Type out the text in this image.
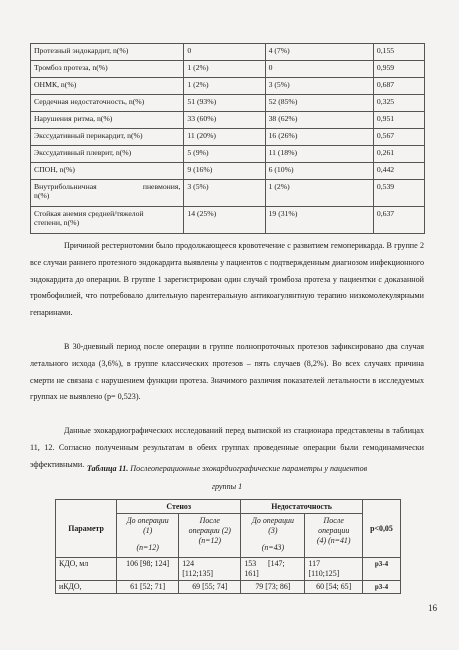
Протезный эндокардит, n(%)	0	4 (7%)	0,155
Тромбоз протеза, n(%)	1 (2%)	0	0,959
ОНМК, n(%)	1 (2%)	3 (5%)	0,687
Сердечная недостаточность, n(%)	51 (93%)	52 (85%)	0,325
Нарушения ритма, n(%)	33 (60%)	38 (62%)	0,951
Экссудативный перикардит, n(%)	11 (20%)	16 (26%)	0,567
Экссудативный плеврит, n(%)	5 (9%)	11 (18%)	0,261
СПОН, n(%)	9 (16%)	6 (10%)	0,442

Внутрибольничная пневмония,
n(%)	3 (5%)	1 (2%)	0,539

Стойкая анемия средней/тяжелой
степени, n(%)	14 (25%)	19 (31%)	0,637

Причиной рестернотомии было продолжающееся кровотечение с развитием гемоперикарда. В группе 2 все случаи раннего протезного эндокардита выявлены у пациентов с подтвержденным диагнозом инфекционного эндокардита до операции. В группе 1 зарегистрирован один случай тромбоза протеза у пациентки с доказанной тромбофилией, что потребовало длительную парентеральную антикоагулянтную терапию низкомолекулярными гепаринами.

В 30-дневный период после операции в группе полнопроточных протезов зафиксировано два случая летального исхода (3,6%), в группе классических протезов – пять случаев (8,2%). Во всех случаях причина смерти не связана с нарушением функции протеза. Значимого различия показателей летальности в исследуемых группах не выявлено (p= 0,523).

Данные эхокардиографических исследований перед выпиской из стационара представлены в таблицах 11, 12. Согласно полученным результатам в обеих группах проведенные операции были гемодинамически эффективными. Таблица 11. Послеоперационные эхокардиографические параметры у пациентов

группы 1

Параметр	Стеноз		Недостаточность		p<0,05

	До операции
(1)
(n=12)	После
операции (2)
(n=12)	До операции
(3)
(n=43)	После
операции
(4) (n=41)	

КДО, мл	106 [98; 124]	124
[112;135]	153      [147;
161]	117
[110;125]	p3-4
иКДО,	61 [52; 71]	69 [55; 74]	79 [73; 86]	60 [54; 65]	p3-4
16
